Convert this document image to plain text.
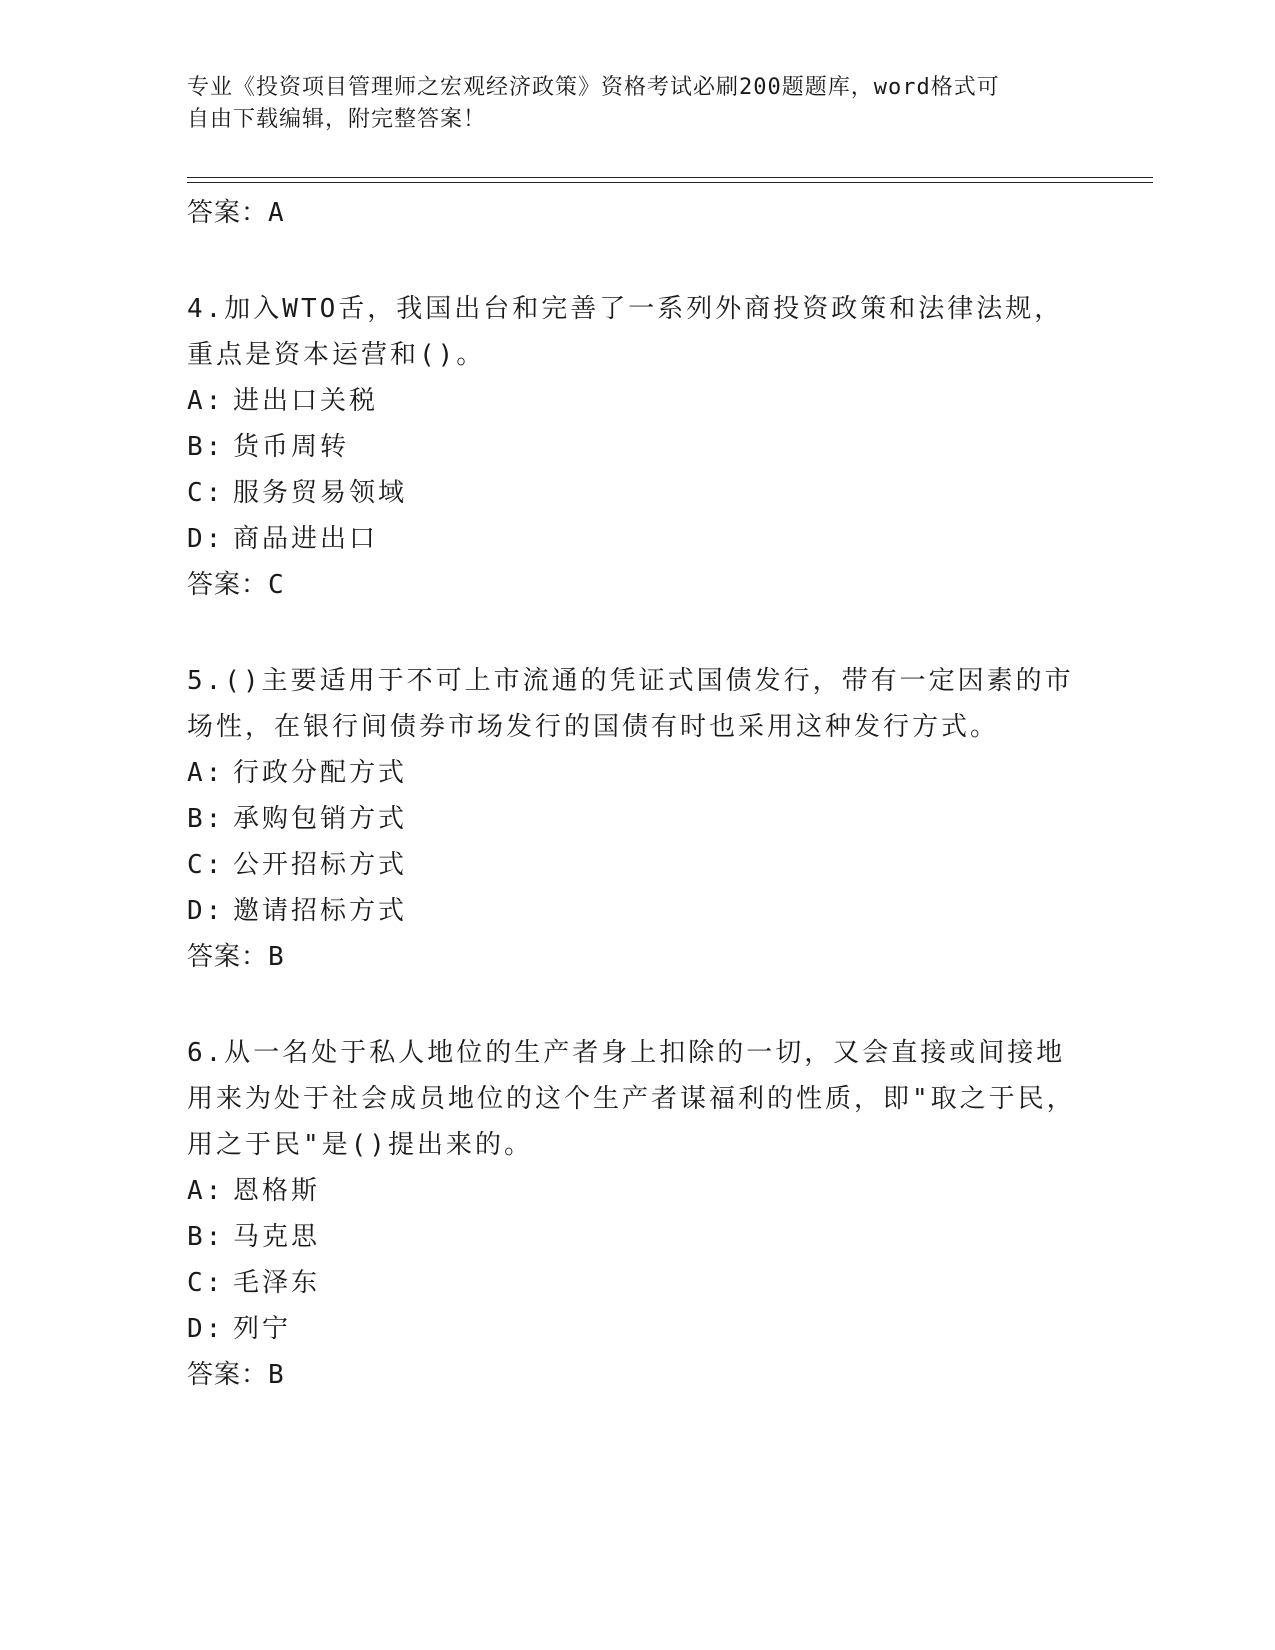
专业《投资项目管理师之宏观经济政策》资格考试必刷200题题库，word格式可
自由下载编辑，附完整答案！
答案：A
4.加入WTO舌，我国出台和完善了一系列外商投资政策和法律法规，
重点是资本运营和()。
A: 进出口关税
B: 货币周转
C: 服务贸易领域
D: 商品进出口
答案：C
5.()主要适用于不可上市流通的凭证式国债发行，带有一定因素的市
场性，在银行间债券市场发行的国债有时也采用这种发行方式。
A: 行政分配方式
B: 承购包销方式
C: 公开招标方式
D: 邀请招标方式
答案：B
6.从一名处于私人地位的生产者身上扣除的一切，又会直接或间接地
用来为处于社会成员地位的这个生产者谋福利的性质，即"取之于民，
用之于民"是()提出来的。
A: 恩格斯
B: 马克思
C: 毛泽东
D: 列宁
答案：B
